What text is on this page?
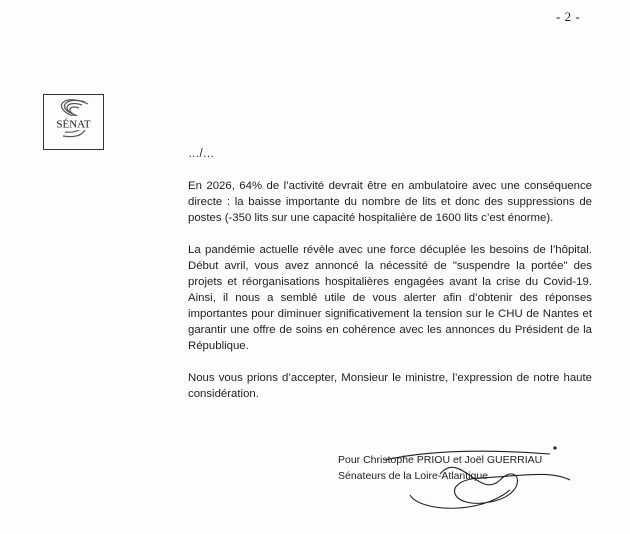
- 2 -
SÉNAT
…/…

En 2026, 64% de l’activité devrait être en ambulatoire avec une conséquence directe : la baisse importante du nombre de lits et donc des suppressions de postes (-350 lits sur une capacité hospitalière de 1600 lits c’est énorme).

La pandémie actuelle révèle avec une force décuplée les besoins de l’hôpital. Début avril, vous avez annoncé la nécessité de "suspendre la portée" des projets et réorganisations hospitalières engagées avant la crise du Covid-19. Ainsi, il nous a semblé utile de vous alerter afin d’obtenir des réponses importantes pour diminuer significativement la tension sur le CHU de Nantes et garantir une offre de soins en cohérence avec les annonces du Président de la République.

Nous vous prions d’accepter, Monsieur le ministre, l’expression de notre haute considération.

Pour Christophe PRIOU et Joël GUERRIAU
Sénateurs de la Loire-Atlantique
